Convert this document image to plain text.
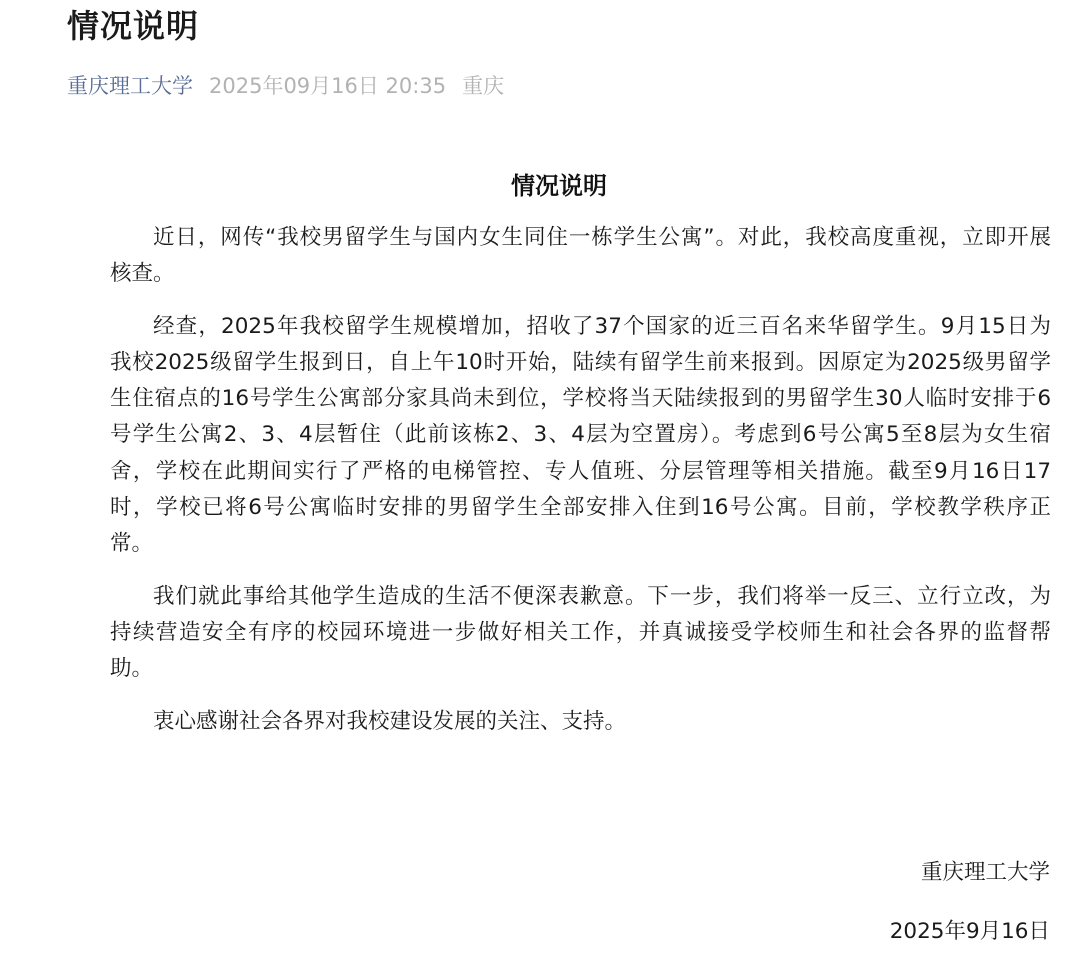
情况说明
重庆理工大学 2025年09月16日 20:35 重庆
情况说明
近日，网传“我校男留学生与国内女生同住一栋学生公寓”。对此，我校高度重视，立即开展
核查。
经查，2025年我校留学生规模增加，招收了37个国家的近三百名来华留学生。9月15日为
我校2025级留学生报到日，自上午10时开始，陆续有留学生前来报到。因原定为2025级男留学
生住宿点的16号学生公寓部分家具尚未到位，学校将当天陆续报到的男留学生30人临时安排于6
号学生公寓2、3、4层暂住（此前该栋2、3、4层为空置房）。考虑到6号公寓5至8层为女生宿
舍，学校在此期间实行了严格的电梯管控、专人值班、分层管理等相关措施。截至9月16日17
时，学校已将6号公寓临时安排的男留学生全部安排入住到16号公寓。目前，学校教学秩序正
常。
我们就此事给其他学生造成的生活不便深表歉意。下一步，我们将举一反三、立行立改，为
持续营造安全有序的校园环境进一步做好相关工作，并真诚接受学校师生和社会各界的监督帮
助。
衷心感谢社会各界对我校建设发展的关注、支持。
重庆理工大学
2025年9月16日
